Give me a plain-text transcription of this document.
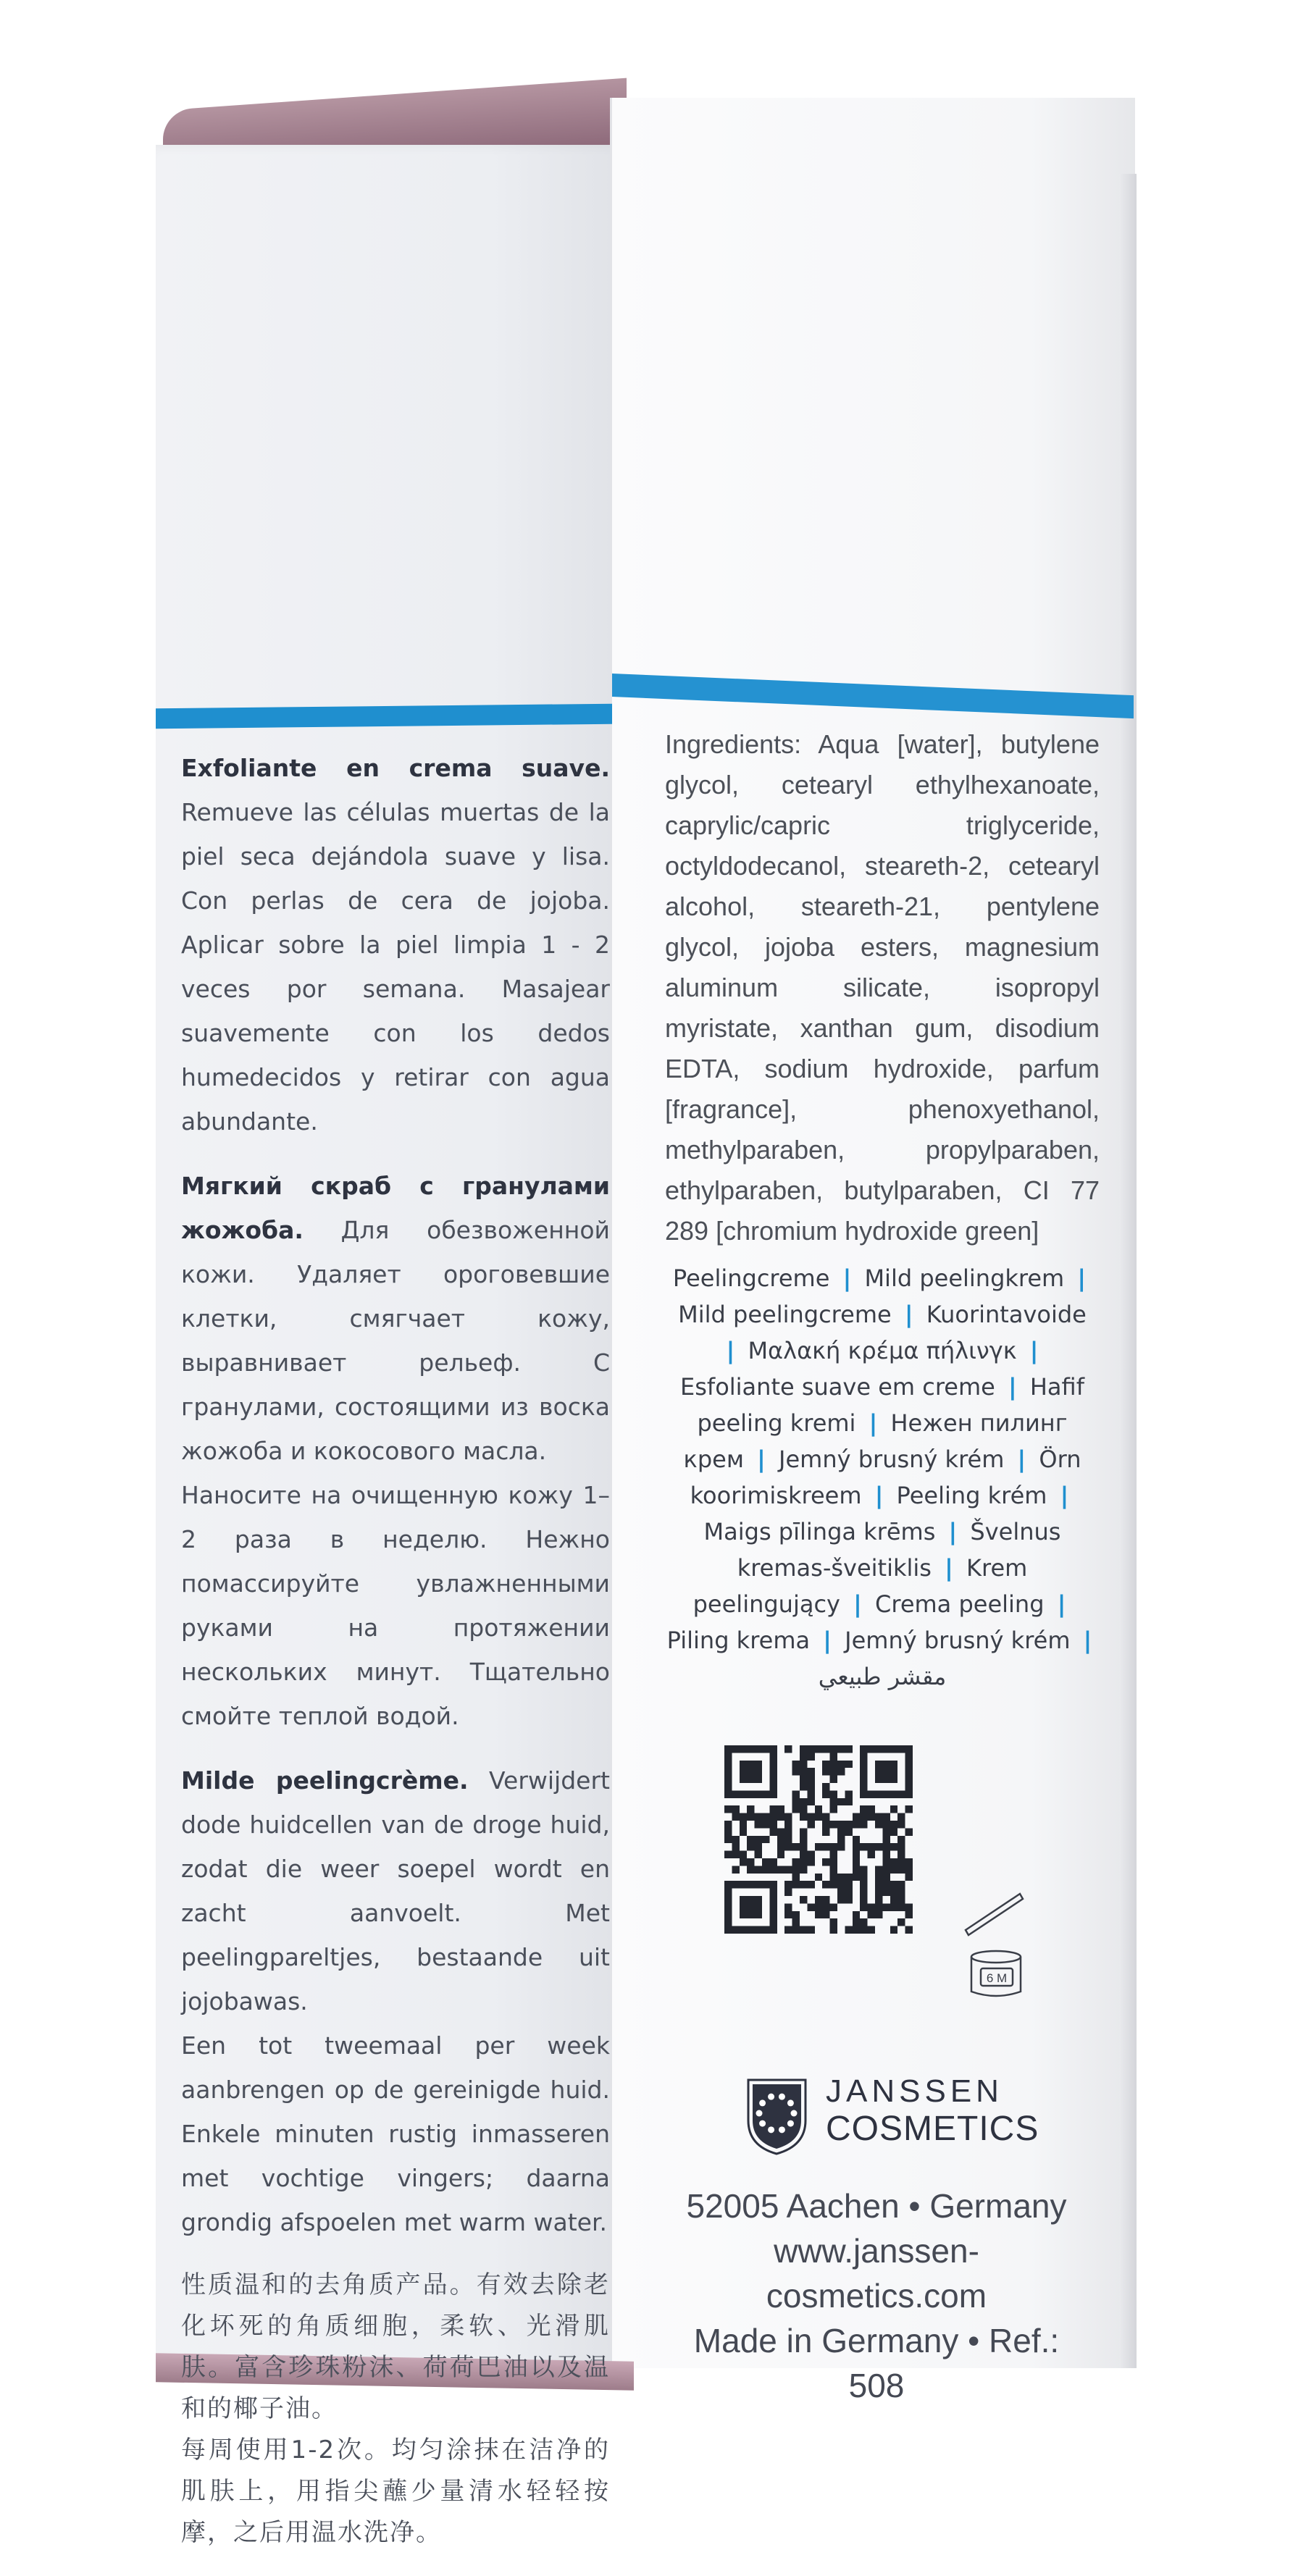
Exfoliante en crema suave. Remueve las células muertas de la piel seca dejándola suave y lisa. Con perlas de cera de jojoba. Aplicar sobre la piel limpia 1 - 2 veces por semana. Masajear suavemente con los dedos humedecidos y retirar con agua abundante.

Мягкий скраб с гранулами жожоба. Для обезвоженной кожи. Удаляет ороговевшие клетки, смягчает кожу, выравнивает рельеф. С гранулами, состоящими из воска жожоба и кокосового масла.
Наносите на очищенную кожу 1–2 раза в неделю. Нежно помассируйте увлажненными руками на протяжении нескольких минут. Тщательно смойте теплой водой.

Milde peelingcrème. Verwijdert dode huidcellen van de droge huid, zodat die weer soepel wordt en zacht aanvoelt. Met peelingpareltjes, bestaande uit jojobawas.
Een tot tweemaal per week aanbrengen op de gereinigde huid. Enkele minuten rustig inmasseren met vochtige vingers; daarna grondig afspoelen met warm water.

性质温和的去角质产品。有效去除老化坏死的角质细胞，柔软、光滑肌肤。富含珍珠粉沫、荷荷巴油以及温和的椰子油。
每周使用1-2次。均匀涂抹在洁净的肌肤上，用指尖蘸少量清水轻轻按摩，之后用温水洗净。

Ingredients: Aqua [water], butylene glycol, cetearyl ethylhexanoate, caprylic/capric triglyceride, octyldodecanol, steareth-2, cetearyl alcohol, steareth-21, pentylene glycol, jojoba esters, magnesium aluminum silicate, isopropyl myristate, xanthan gum, disodium EDTA, sodium hydroxide, parfum [fragrance], phenoxyethanol, methylparaben, propylparaben, ethylparaben, butylparaben, CI 77 289 [chromium hydroxide green]
Peelingcreme | Mild peelingkrem | Mild peelingcreme | Kuorintavoide | Μαλακή κρέμα πήλινγκ | Esfoliante suave em creme | Hafif peeling kremi | Нежен пилинг крем | Jemný brusný krém | Örn koorimiskreem | Peeling krém | Maigs pīlinga krēms | Švelnus kremas-šveitiklis | Krem peelingujący | Crema peeling | Piling krema | Jemný brusný krém |
مقشر طبيعي
6 M
JANSSEN
COSMETICS
52005 Aachen • Germany
www.janssen-cosmetics.com
Made in Germany • Ref.: 508
